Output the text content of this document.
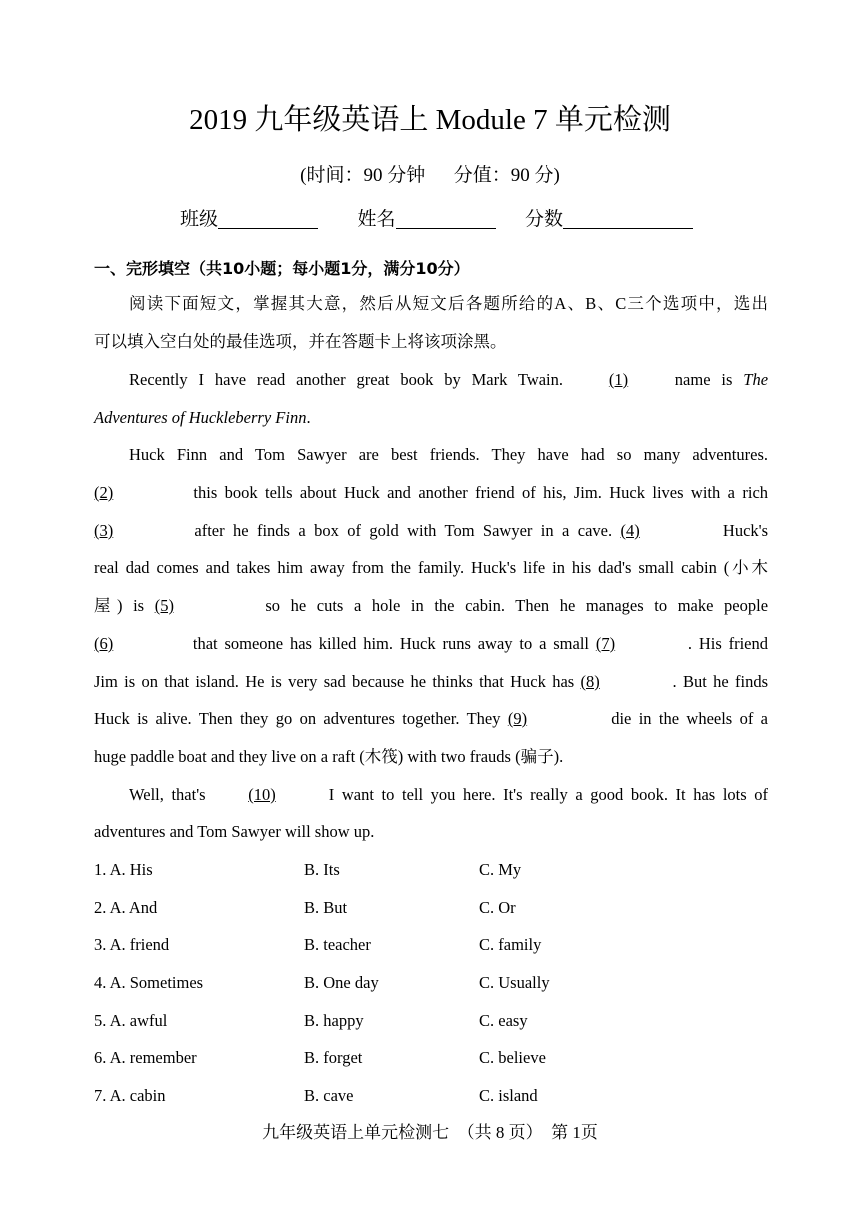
2019 九年级英语上 Module 7 单元检测
(时间：90 分钟      分值：90 分)
班级	姓名	分数
一、完形填空（共10小题；每小题1分，满分10分）
阅读下面短文，掌握其大意，然后从短文后各题所给的A、B、C三个选项中，选出
可以填入空白处的最佳选项，并在答题卡上将该项涂黑。
Recently I have read another great book by Mark Twain.	(1)	name is The
Adventures of Huckleberry Finn.
Huck Finn and Tom Sawyer are best friends. They have had so many adventures.
(2)	this book tells about Huck and another friend of his, Jim. Huck lives with a rich
(3)	after he finds a box of gold with Tom Sawyer in a cave. (4)	Huck's
real dad comes and takes him away from the family. Huck's life in his dad's small cabin (小木
屋) is (5)	so he cuts a hole in the cabin. Then he manages to make people
(6)	that someone has killed him. Huck runs away to a small (7)	. His friend
Jim is on that island. He is very sad because he thinks that Huck has (8)	. But he finds
Huck is alive. Then they go on adventures together. They (9)	die in the wheels of a
huge paddle boat and they live on a raft (木筏) with two frauds (骗子).
Well, that's	(10)	I want to tell you here. It's really a good book. It has lots of
adventures and Tom Sawyer will show up.
1. A. His	B. Its	C. My
2. A. And	B. But	C. Or
3. A. friend	B. teacher	C. family
4. A. Sometimes	B. One day	C. Usually
5. A. awful	B. happy	C. easy
6. A. remember	B. forget	C. believe
7. A. cabin	B. cave	C. island
九年级英语上单元检测七  （共 8 页）  第 1页
